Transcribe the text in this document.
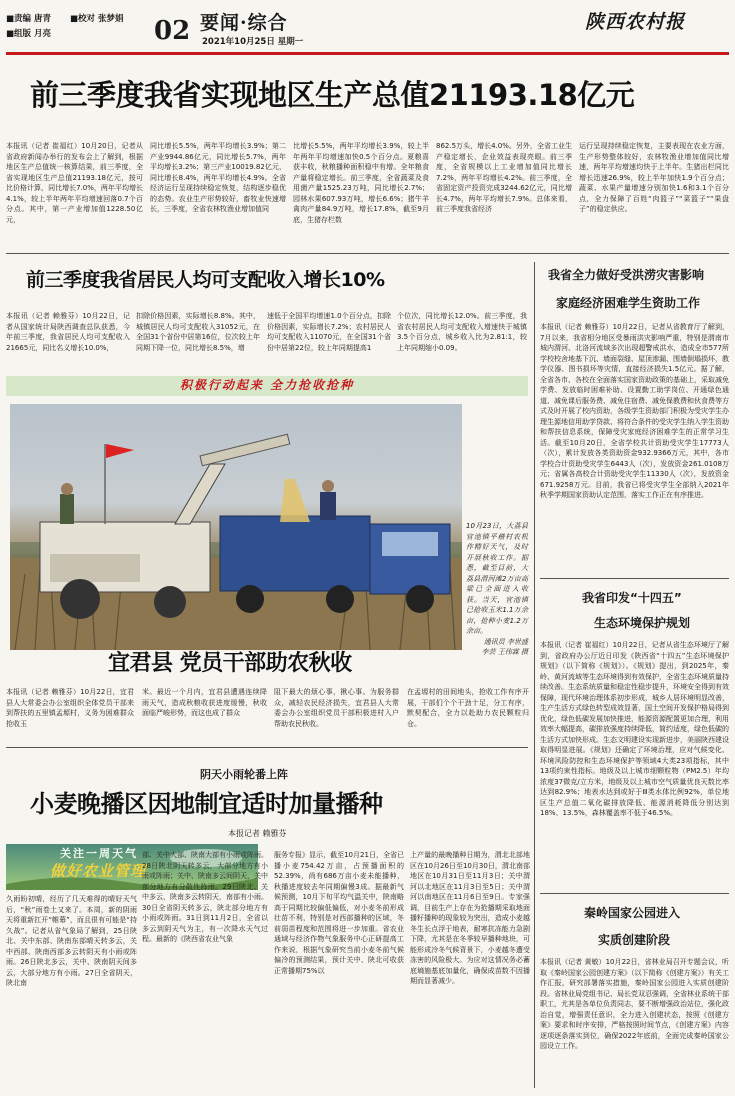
■责编 唐青 ■校对 张梦娟
■组版 月亮	02 要闻·综合
2021年10月25日 星期一
陕西农村报
前三季度我省实现地区生产总值21193.18亿元
本报讯（记者 崔福红）10月20日，记者从省政府新闻办举行的发布会上了解到，根据地区生产总值统一核算结果，前三季度，全省实现地区生产总值21193.18亿元，按可比价格计算，同比增长7.0%，两年平均增长4.1%，较上半年两年平均增速回落0.7个百分点。其中，第一产业增加值1228.50亿元，
同比增长5.5%，两年平均增长3.9%；第二产业9944.86亿元，同比增长5.7%，两年平均增长3.2%；第三产业10019.82亿元，同比增长8.4%，两年平均增长4.9%。全省经济运行呈现持续稳定恢复，结构逐步稳优的态势。农业生产形势较好，畜牧业快速增长，三季度，全省农林牧渔业增加值同
比增长5.5%，两年平均增长3.9%，较上半年两年平均增速加快0.5个百分点。夏粮喜获丰收，秋粮播种面积稳中有增。全年粮食产量将稳定增长。前三季度，全省蔬菜及食用菌产量1525.23万吨，同比增长2.7%；园林水果607.93万吨，增长6.6%；猪牛羊禽肉产量84.9万吨，增长17.8%，截至9月底，生猪存栏数
862.5万头，增长4.0%。另外，全省工业生产稳定增长，企业效益表现亮眼。前三季度，全省规模以上工业增加值同比增长7.2%，两年平均增长4.2%。前三季度，全省固定资产投资完成3244.62亿元，同比增长4.7%，两年平均增长7.9%。总体来看，前三季度我省经济
运行呈现持续稳定恢复，主要表现在农业方面，生产形势整体较好，农林牧渔业增加值同比增速，两年平均增速均快于上半年。生猪出栏同比增长迅速26.9%，较上半年加快1.9个百分点；蔬菜、水果产量增速分别加快1.6和3.1个百分点，全力保障了百姓“肉篮子”“菜篮子”“果盘子”的稳定供应。
前三季度我省居民人均可支配收入增长10%
本报讯（记者 赖雅芬）10月22日，记者从国家统计局陕西调查总队获悉，今年前三季度，我省居民人均可支配收入21665元，同比名义增长10.0%，
扣除价格因素，实际增长8.8%。其中，城镇居民人均可支配收入31052元，在全国31个省份中居第16位，位次较上年同期下降一位，同比增长8.5%，增
速低于全国平均增速1.0个百分点，扣除价格因素，实际增长7.2%；农村居民人均可支配收入11070元，在全国31个省份中居第22位，较上年同期提高1
个位次，同比增长12.0%。前三季度，我省农村居民人均可支配收入增速快于城镇3.5个百分点，城乡收入比为2.81:1，较上年同期缩小0.09。
积极行动起来 全力抢收抢种
10月23日，大荔县官池镇平稽村农机作精好天气，及时开展秋收工作。据悉，截至目前，大荔县渭河滩2万亩高粱已全面进入收获。当天，宜池镇已抢收玉米1.1万余亩，抢种小麦1.2万余亩。

通讯员 李世盛
李芸 王伟霖 摄
宜君县 党员干部助农秋收
本报讯（记者 赖雅芬）10月22日，宜君县人大常委会办公室组织全体党员干部来到帮扶的五里镇孟塬村，义务为困难群众抢收玉
米。最近一个月内，宜君县遭遇连续降雨天气，造成秋粮收获进度缓慢，秋收面临严峻形势，而这也成了群众
阻下最大的烦心事，揪心事。为服务群众，减轻农民经济损失，宜君县人大常委会办公室组织党员干部积极进村入户帮助农民秋收。
在孟塬村的田间地头，抢收工作有序开展，干部们个个干劲十足，分工有序，默契配合，全力以赴助力农民颗粒归仓。
阴天小雨轮番上阵
小麦晚播区因地制宜适时加量播种
本报记者 赖雅芬
关注一周天气
做好农业管理
久雨盼初晴，经历了几天难得的晴好天气后，“秋”雨卷土又来了。本周，新的阴雨天将重新扛开“帷幕”，而且很有可能是“持久战”。记者从省气象局了解到，25日陕北、关中东部、陕南东部晴天转多云，关中西部、陕南西部多云转阴天有小雨或阵雨。26日陕北多云，关中、陕南阴天间多云，大部分地方有小雨。27日全省阴天，陕北南
部、关中大部、陕南大部有小雨或阵雨。28日陕北阴天转多云，大部分地方有小雨或阵雨；关中、陕南多云间阴天，关中部分地方有分散性阵雨。29日陕北、关中多云，陕南多云转阴天，南部有小雨。30日全省阴天转多云，陕北部分地方有小雨或阵雨。31日到11月2日，全省以多云到阴天气为主，有一次降水天气过程。最新的《陕西省农业气象
服务专报》显示，截至10月21日，全省已播小麦754.42万亩，占预播面积的52.39%，尚有686万亩小麦未能播种，秋播进度较去年同期偏慢3成。据最新气候预测，10月下旬平均气温关中，陕南略高于同期比较偏低偏低，对小麦冬前形成壮苗不利，特别是对西部播种的区域，冬前弱苗程度和范围将进一步加重。省农业通域与经济作物气象服务中心正研提高工作来说，根据气象研究当前小麦冬前气候偏冷的预测结果，预计关中、陕北可收获正常播期75%以
上产量的最晚播种日期为，渭北北部地区在10月26日至10月30日，渭北南部地区在10月31日至11月3日；关中渭河以北地区在11月3日至5日；关中渭河以南地区在11月6日至9日。专家强调，目前生产上存在为抢播期采取地面播籽播种的现象较为突出，造成小麦越冬生长点浮于地表，耐寒抗冻能力急剧下降，尤其是在冬季较早播种地块，可能形成冷冬气候背景下，小麦越冬遭受冻害的风险极大。为应对这情况务必蓄底墒施基底加量化，确保成苗数不因播期而显著减少。
我省全力做好受洪涝灾害影响
家庭经济困难学生资助工作
本报讯（记者 赖雅芬）10月22日，记者从省教育厅了解到，7月以来，我省相分地区受暴雨洪灾影响严重，特别是渭南市城内渭河、北洛河流域多次出现超警戒洪水，造成全市577所学校校舍地基下沉、墙面裂缝、屋顶渗漏、围墙倒塌损坏，教学仪器、图书损坏等灾情，直接经济损失1.5亿元。据了解，全省各市、各校在全面落实国家资助政策的基础上，采取减免学费、发放临时困难补助、设置勤工助学岗位、开通绿色通道、减免课后服务费、减免住宿费、减免保教费和伙食费等方式及时开展了校内资助，各级学生资助部门积极为受灾学生办理生源地信用助学贷款、将符合条件的受灾学生纳入学生资助和帮扶信息系统，保障受灾家庭经济困难学生的正常学习生活。截至10月20日，全省学校共计资助受灾学生17773人（次），累计发放各类资助资金932.9366万元，其中，各市学校合计资助受灾学生6443人（次），发放资金261.0108万元；省属各高校合计资助受灾学生11330人（次），发放资金671.9258万元。目前，我省已将受灾学生全部纳入2021年秋季学期国家资助认定范围，落实工作正在有序推进。
我省印发“十四五”
生态环境保护规划
本报讯（记者 崔福红）10月22日，记者从省生态环境厅了解到，省政府办公厅近日印发《陕西省“十四五”生态环境保护规划》（以下简称《规划》）。《规划》提出，到2025年，秦岭、黄河流域等生态环境得到有效保护，全省生态环境质量持续改善。生态系统质量和稳定性稳步提升，环境安全得到有效保障，现代环境治理体系初步形成，城乡人居环境明显改善，生产生活方式绿色转型成效显著，国土空间开发保护格局得到优化，绿色低碳发展加快推进，能源资源配置更加合理，利用效率大幅提高，碳排放强度持续降低，简约适度，绿色低碳的生活方式加快形成。生态文明建设实现新进步，美丽陕西建设取得明显进展。《规划》还确定了环境治理，应对气候变化、环境风险防控和生态环境保护等领域4大类23项指标，其中13项约束性指标。地级及以上城市细颗粒物（PM2.5）年均浓度37微克/立方米，地级及以上城市空气质量优良天数比率达到82.9%；地表水达到或好于Ⅲ类水体比例92%，单位地区生产总值二氧化碳排放降低、能源消耗降低分别达到18%、13.5%，森林覆盖率不低于46.5%。
秦岭国家公园进入
实质创建阶段
本报讯（记者 黄敏）10月22日，省林业局召开专题会议，听取《秦岭国家公园创建方案》（以下简称《创建方案》）有关工作汇报，研究部署落实措施，秦岭国家公园进入实质创建阶段。省林业局党组书记、局长党双忍强调，全省林业系统干部职工，尤其是各单位负责同志，要不断增强政治站位，强化政治自觉，增强责任意识，全力进入创建状态，按照《创建方案》要求和时序安排，严格按照时间节点，《创建方案》内容逐项逐条落实到位，确保2022年底前，全面完成秦岭国家公园设立工作。
